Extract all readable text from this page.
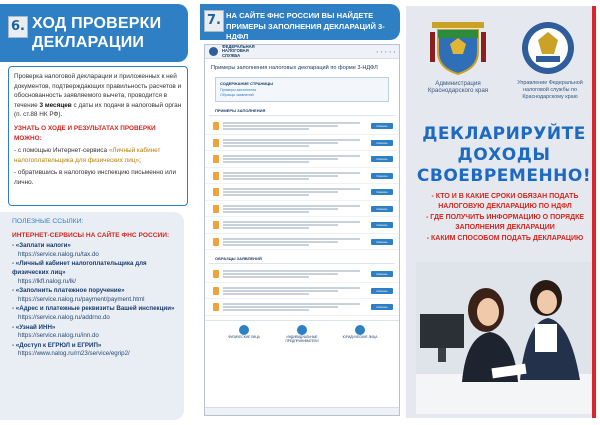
6. ХОД ПРОВЕРКИ
ДЕКЛАРАЦИИ
Проверка налоговой декларации и приложенных к ней документов, подтверждающих правильность расчетов и обоснованность заявляемого вычета, проводится в течение 3 месяцев с даты их подачи в налоговый орган (п. ст.88 НК РФ).
УЗНАТЬ О ХОДЕ И РЕЗУЛЬТАТАХ ПРОВЕРКИ МОЖНО:
- с помощью Интернет-сервиса «Личный кабинет налогоплательщика для физических лиц»;
- обратившись в налоговую инспекцию письменно или лично.
ПОЛЕЗНЫЕ ССЫЛКИ:
ИНТЕРНЕТ-СЕРВИСЫ НА САЙТЕ ФНС РОССИИ:
- «Заплати налоги»
https://service.nalog.ru/tax.do
- «Личный кабинет налогоплательщика для физических лиц»
https://lkfl.nalog.ru/lk/
- «Заполнить платежное поручение»
https://service.nalog.ru/payment/payment.html
- «Адрес и платежные реквизиты Вашей инспекции»
https://service.nalog.ru/addrno.do
- «Узнай ИНН»
https://service.nalog.ru/inn.do
- «Доступ к ЕГРЮЛ и ЕГРИП»
https://www.nalog.ru/rn23/service/egrip2/
7. НА САЙТЕ ФНС РОССИИ ВЫ НАЙДЕТЕ
ПРИМЕРЫ ЗАПОЛНЕНИЯ ДЕКЛАРАЦИЙ 3-НДФЛ
ФЕДЕРАЛЬНАЯ НАЛОГОВАЯ СЛУЖБА
▪ ▪ ▪ ▪ ▪
Примеры заполнения налоговых деклараций по форме 3-НДФЛ
СОДЕРЖАНИЕ СТРАНИЦЫ
Примеры заполнения
Образцы заявлений
ПРИМЕРЫ ЗАПОЛНЕНИЯ
Скачать
Скачать
Скачать
Скачать
Скачать
Скачать
Скачать
Скачать
ОБРАЗЦЫ ЗАЯВЛЕНИЙ
Скачать
Скачать
Скачать
ФИЗИЧЕСКИЕ ЛИЦА	ИНДИВИДУАЛЬНЫЕ ПРЕДПРИНИМАТЕЛИ
ЮРИДИЧЕСКИЕ ЛИЦА
Администрация Краснодарского края
Управление Федеральной налоговой службы по Краснодарскому краю
ДЕКЛАРИРУЙТЕ
ДОХОДЫ
СВОЕВРЕМЕННО!
- КТО И В КАКИЕ СРОКИ ОБЯЗАН ПОДАТЬ НАЛОГОВУЮ ДЕКЛАРАЦИЮ ПО НДФЛ
- ГДЕ ПОЛУЧИТЬ ИНФОРМАЦИЮ О ПОРЯДКЕ ЗАПОЛНЕНИЯ ДЕКЛАРАЦИИ
- КАКИМ СПОСОБОМ ПОДАТЬ ДЕКЛАРАЦИЮ
